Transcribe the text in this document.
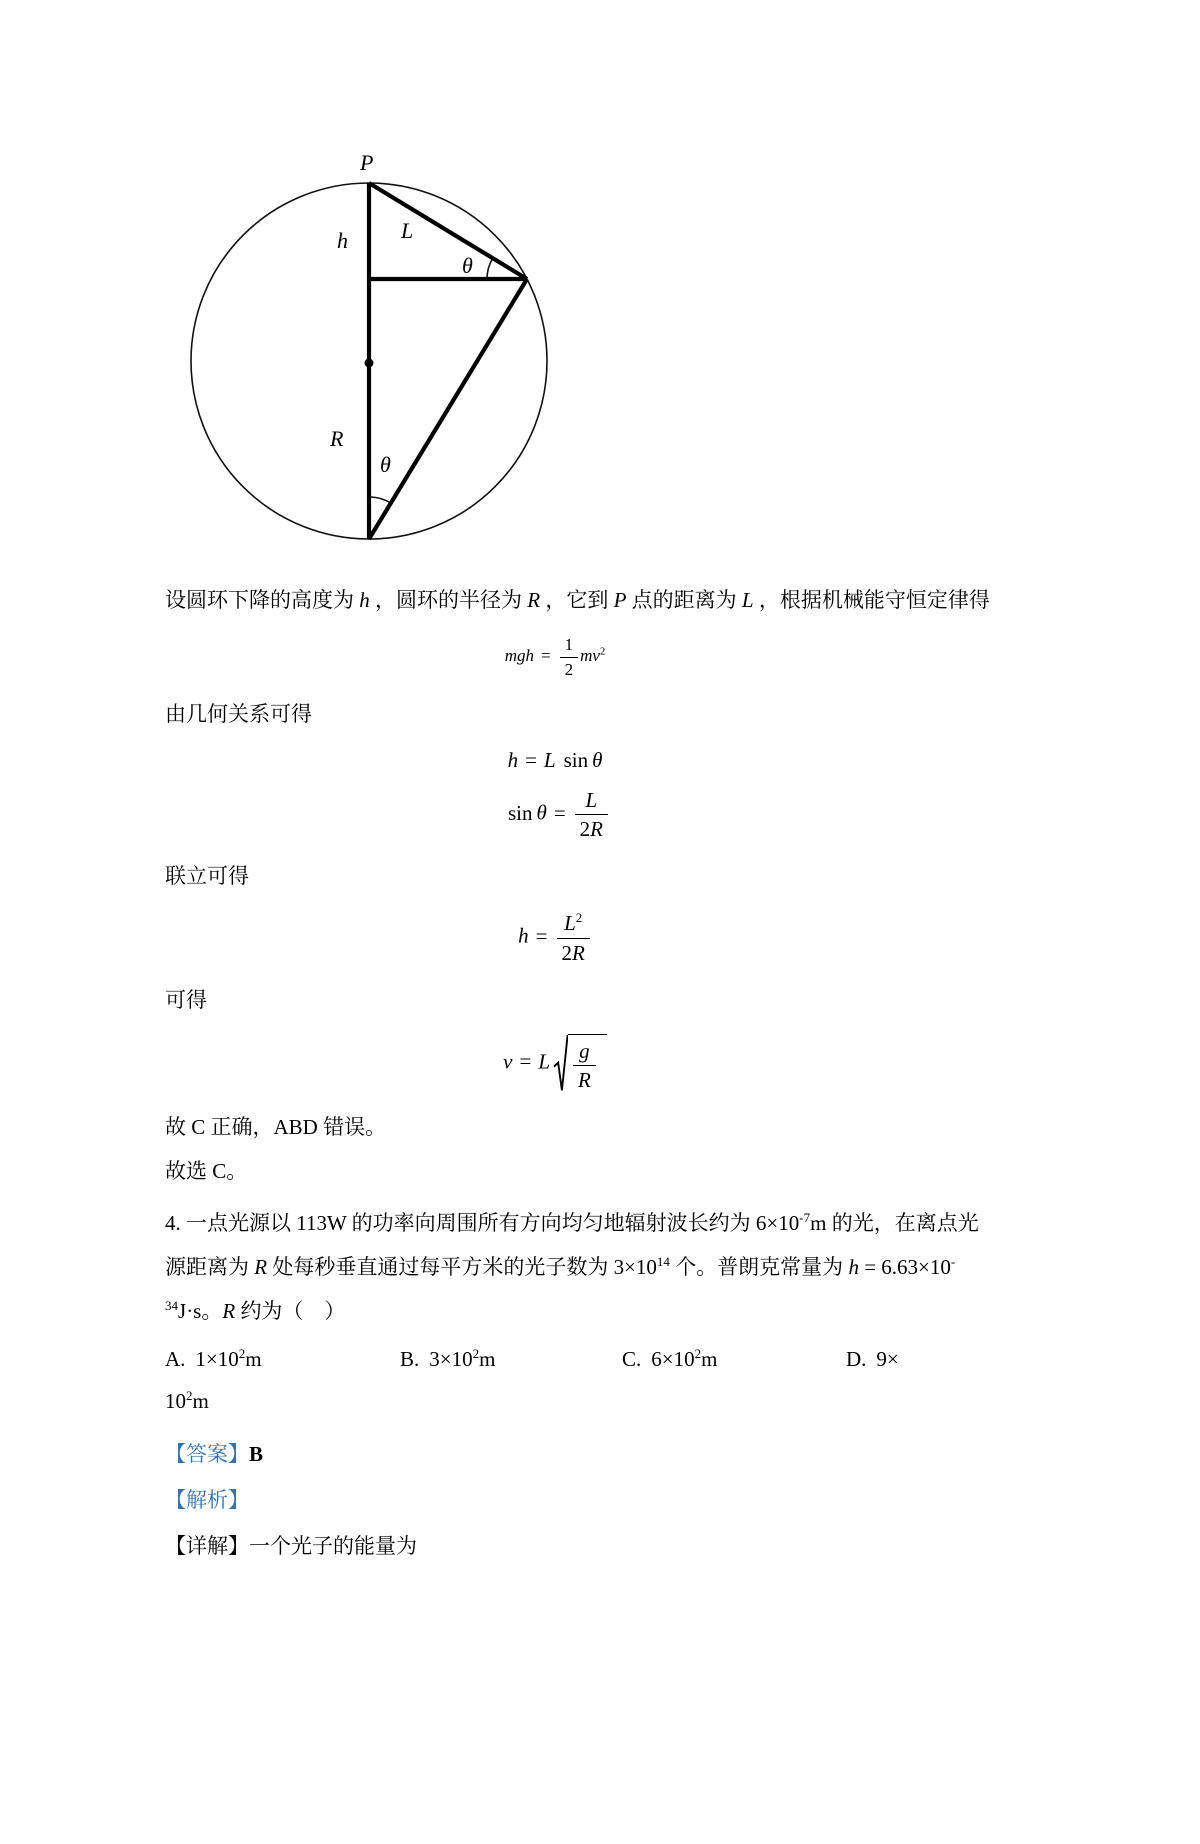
P
h L
θ
R
θ

设圆环下降的高度为 h ，圆环的半径为 R ，它到 P 点的距离为 L ，根据机械能守恒定律得

mgh = $\frac{1}{2} mv^2$

由几何关系可得

h = L sin θ
$\sin \theta = \frac{L}{2R}$

联立可得

$h = \frac{L^2}{2R}$

可得

v = L $\frac{g}{R}$

故 C 正确，ABD 错误。

故选 C。

4. 一点光源以 113W 的功率向周围所有方向均匀地辐射波长约为 $6\times 10^{-7}m$ 的光，在离点光
源距离为 R 处每秒垂直通过每平方米的光子数为 $3\times 10^{14}$ 个。普朗克常量为 h = 6.63×10-
$^{34}$J·s。R 约为（　）
A. $1\times 10^2m$	B. $3\times 10^2m$	C. $6\times 10^2m$	D. 9×
$10^2m$

【答案】B

【解析】

【详解】一个光子的能量为
